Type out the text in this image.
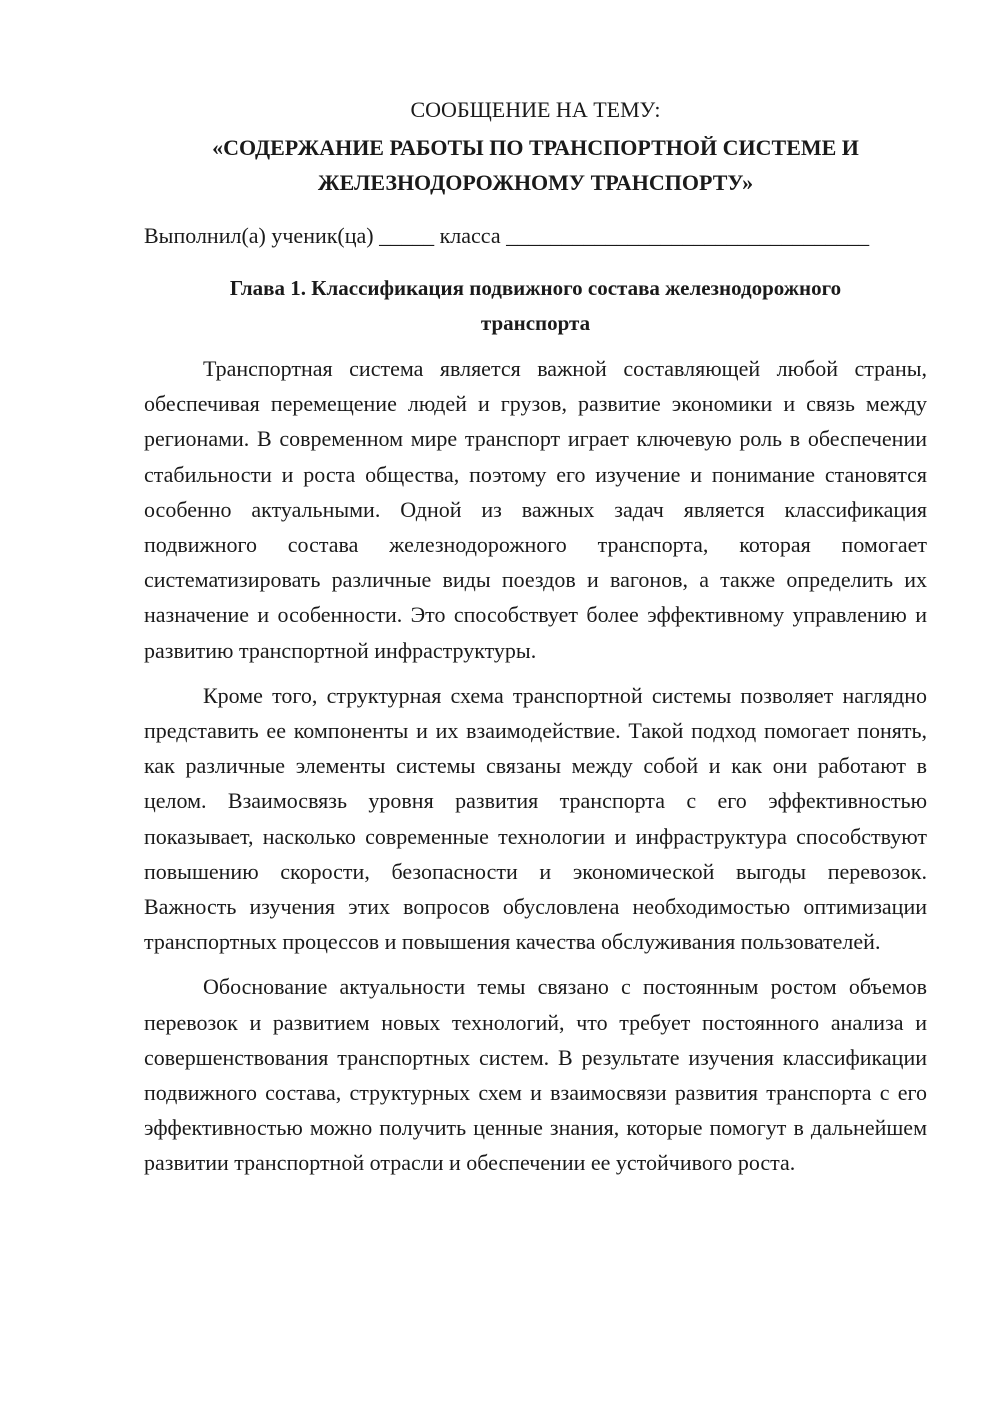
СООБЩЕНИЕ НА ТЕМУ:

«СОДЕРЖАНИЕ РАБОТЫ ПО ТРАНСПОРТНОЙ СИСТЕМЕ И

ЖЕЛЕЗНОДОРОЖНОМУ ТРАНСПОРТУ»

Выполнил(а) ученик(ца) _____ класса _________________________________

Глава 1. Классификация подвижного состава железнодорожного

транспорта

Транспортная система является важной составляющей любой страны, обеспечивая перемещение людей и грузов, развитие экономики и связь между регионами. В современном мире транспорт играет ключевую роль в обеспечении стабильности и роста общества, поэтому его изучение и понимание становятся особенно актуальными. Одной из важных задач является классификация подвижного состава железнодорожного транспорта, которая помогает систематизировать различные виды поездов и вагонов, а также определить их назначение и особенности. Это способствует более эффективному управлению и развитию транспортной инфраструктуры.

Кроме того, структурная схема транспортной системы позволяет наглядно представить ее компоненты и их взаимодействие. Такой подход помогает понять, как различные элементы системы связаны между собой и как они работают в целом. Взаимосвязь уровня развития транспорта с его эффективностью показывает, насколько современные технологии и инфраструктура способствуют повышению скорости, безопасности и экономической выгоды перевозок. Важность изучения этих вопросов обусловлена необходимостью оптимизации транспортных процессов и повышения качества обслуживания пользователей.

Обоснование актуальности темы связано с постоянным ростом объемов перевозок и развитием новых технологий, что требует постоянного анализа и совершенствования транспортных систем. В результате изучения классификации подвижного состава, структурных схем и взаимосвязи развития транспорта с его эффективностью можно получить ценные знания, которые помогут в дальнейшем развитии транспортной отрасли и обеспечении ее устойчивого роста.
